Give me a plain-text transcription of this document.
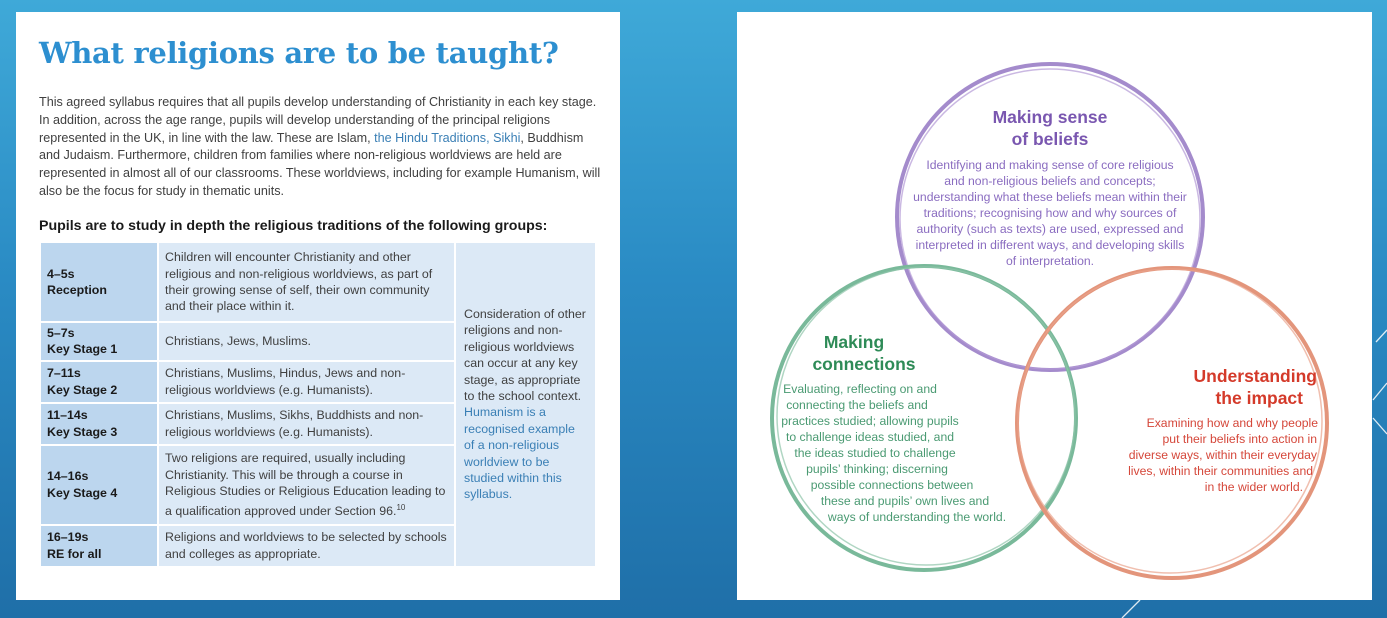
What religions are to be taught?

This agreed syllabus requires that all pupils develop understanding of Christianity in each key stage. In addition, across the age range, pupils will develop understanding of the principal religions represented in the UK, in line with the law. These are Islam, the Hindu Traditions, Sikhi, Buddhism and Judaism. Furthermore, children from families where non-religious worldviews are held are represented in almost all of our classrooms. These worldviews, including for example Humanism, will also be the focus for study in thematic units.

Pupils are to study in depth the religious traditions of the following groups:

4–5s
Reception	Children will encounter Christianity and other religious and non-religious worldviews, as part of their growing sense of self, their own community and their place within it.	Consideration of other religions and non-religious worldviews can occur at any key stage, as appropriate to the school context. Humanism is a recognised example of a non-religious worldview to be studied within this syllabus.

5–7s
Key Stage 1	Christians, Jews, Muslims.	

7–11s
Key Stage 2	Christians, Muslims, Hindus, Jews and non-religious worldviews (e.g. Humanists).	

11–14s
Key Stage 3	Christians, Muslims, Sikhs, Buddhists and non-religious worldviews (e.g. Humanists).	

14–16s
Key Stage 4	Two religions are required, usually including Christianity. This will be through a course in Religious Studies or Religious Education leading to a qualification approved under Section 96.10

16–19s
RE for all	Religions and worldviews to be selected by schools and colleges as appropriate.	
Making sense
of beliefs
Identifying and making sense of core religious
and non-religious beliefs and concepts;
understanding what these beliefs mean within their
traditions; recognising how and why sources of
authority (such as texts) are used, expressed and
interpreted in different ways, and developing skills
of interpretation.
Making
connections
Evaluating, reflecting on and
connecting the beliefs and
practices studied; allowing pupils
to challenge ideas studied, and
the ideas studied to challenge
pupils’ thinking; discerning
possible connections between
these and pupils’ own lives and
ways of understanding the world.
Understanding
the impact
Examining how and why people
put their beliefs into action in
diverse ways, within their everyday
lives, within their communities and
in the wider world.
